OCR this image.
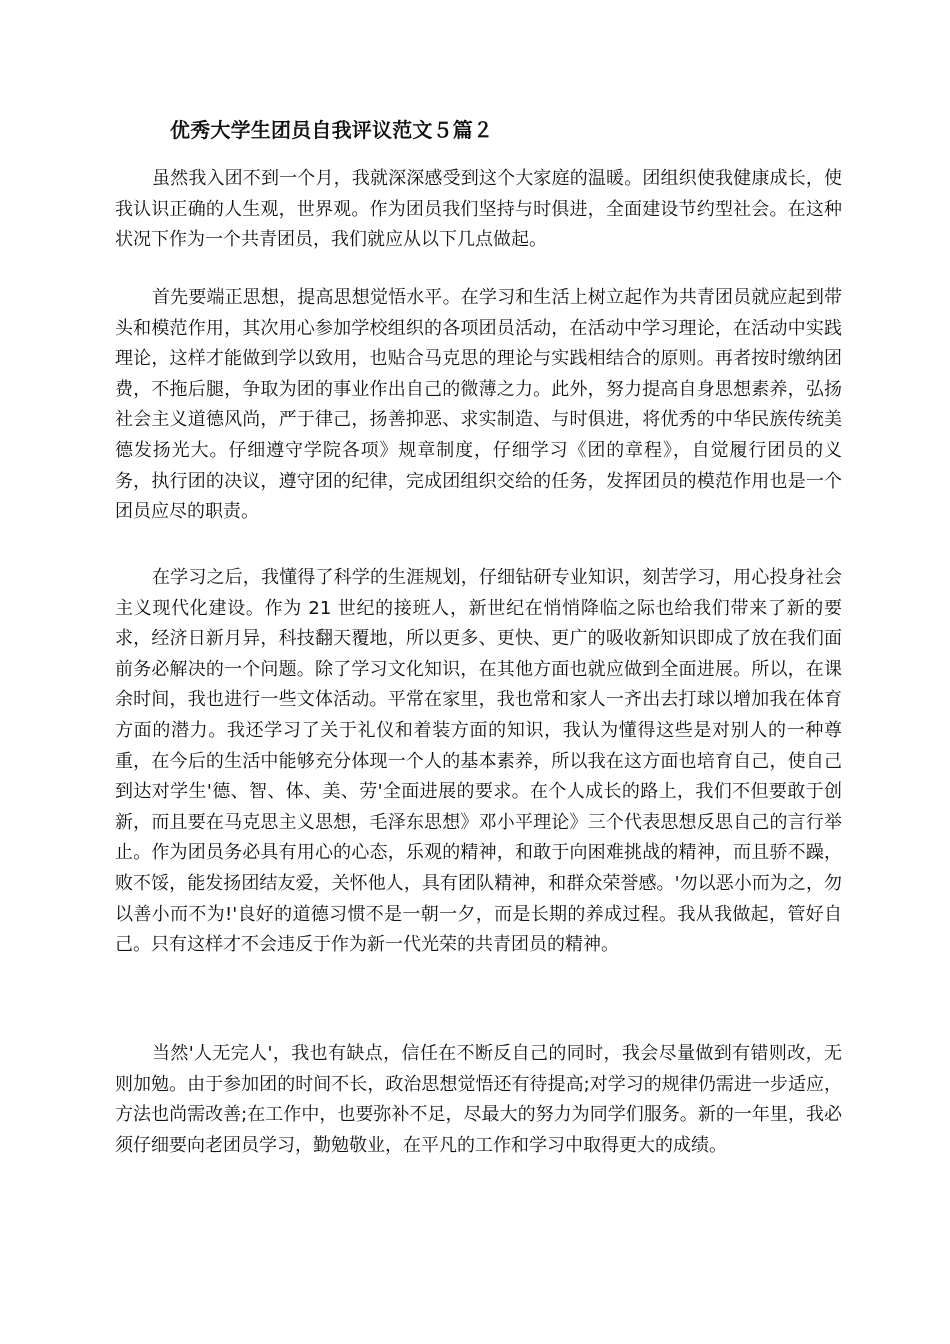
优秀大学生团员自我评议范文５篇２

虽然我入团不到一个月，我就深深感受到这个大家庭的温暖。团组织使我健康成长，使我认识正确的人生观，世界观。作为团员我们坚持与时俱进，全面建设节约型社会。在这种状况下作为一个共青团员，我们就应从以下几点做起。

首先要端正思想，提高思想觉悟水平。在学习和生活上树立起作为共青团员就应起到带头和模范作用，其次用心参加学校组织的各项团员活动，在活动中学习理论，在活动中实践理论，这样才能做到学以致用，也贴合马克思的理论与实践相结合的原则。再者按时缴纳团费，不拖后腿，争取为团的事业作出自己的微薄之力。此外，努力提高自身思想素养，弘扬社会主义道德风尚，严于律己，扬善抑恶、求实制造、与时俱进，将优秀的中华民族传统美德发扬光大。仔细遵守学院各项》规章制度，仔细学习《团的章程》，自觉履行团员的义务，执行团的决议，遵守团的纪律，完成团组织交给的任务，发挥团员的模范作用也是一个团员应尽的职责。

在学习之后，我懂得了科学的生涯规划，仔细钻研专业知识，刻苦学习，用心投身社会主义现代化建设。作为 21 世纪的接班人，新世纪在悄悄降临之际也给我们带来了新的要求，经济日新月异，科技翻天覆地，所以更多、更快、更广的吸收新知识即成了放在我们面前务必解决的一个问题。除了学习文化知识，在其他方面也就应做到全面进展。所以，在课余时间，我也进行一些文体活动。平常在家里，我也常和家人一齐出去打球以增加我在体育方面的潜力。我还学习了关于礼仪和着装方面的知识，我认为懂得这些是对别人的一种尊重，在今后的生活中能够充分体现一个人的基本素养，所以我在这方面也培育自己，使自己到达对学生'德、智、体、美、劳'全面进展的要求。在个人成长的路上，我们不但要敢于创新，而且要在马克思主义思想，毛泽东思想》邓小平理论》三个代表思想反思自己的言行举止。作为团员务必具有用心的心态，乐观的精神，和敢于向困难挑战的精神，而且骄不躁，败不馁，能发扬团结友爱，关怀他人，具有团队精神，和群众荣誉感。'勿以恶小而为之，勿以善小而不为!'良好的道德习惯不是一朝一夕，而是长期的养成过程。我从我做起，管好自己。只有这样才不会违反于作为新一代光荣的共青团员的精神。

当然'人无完人'，我也有缺点，信任在不断反自己的同时，我会尽量做到有错则改，无则加勉。由于参加团的时间不长，政治思想觉悟还有待提高;对学习的规律仍需进一步适应，方法也尚需改善;在工作中，也要弥补不足，尽最大的努力为同学们服务。新的一年里，我必须仔细要向老团员学习，勤勉敬业，在平凡的工作和学习中取得更大的成绩。
